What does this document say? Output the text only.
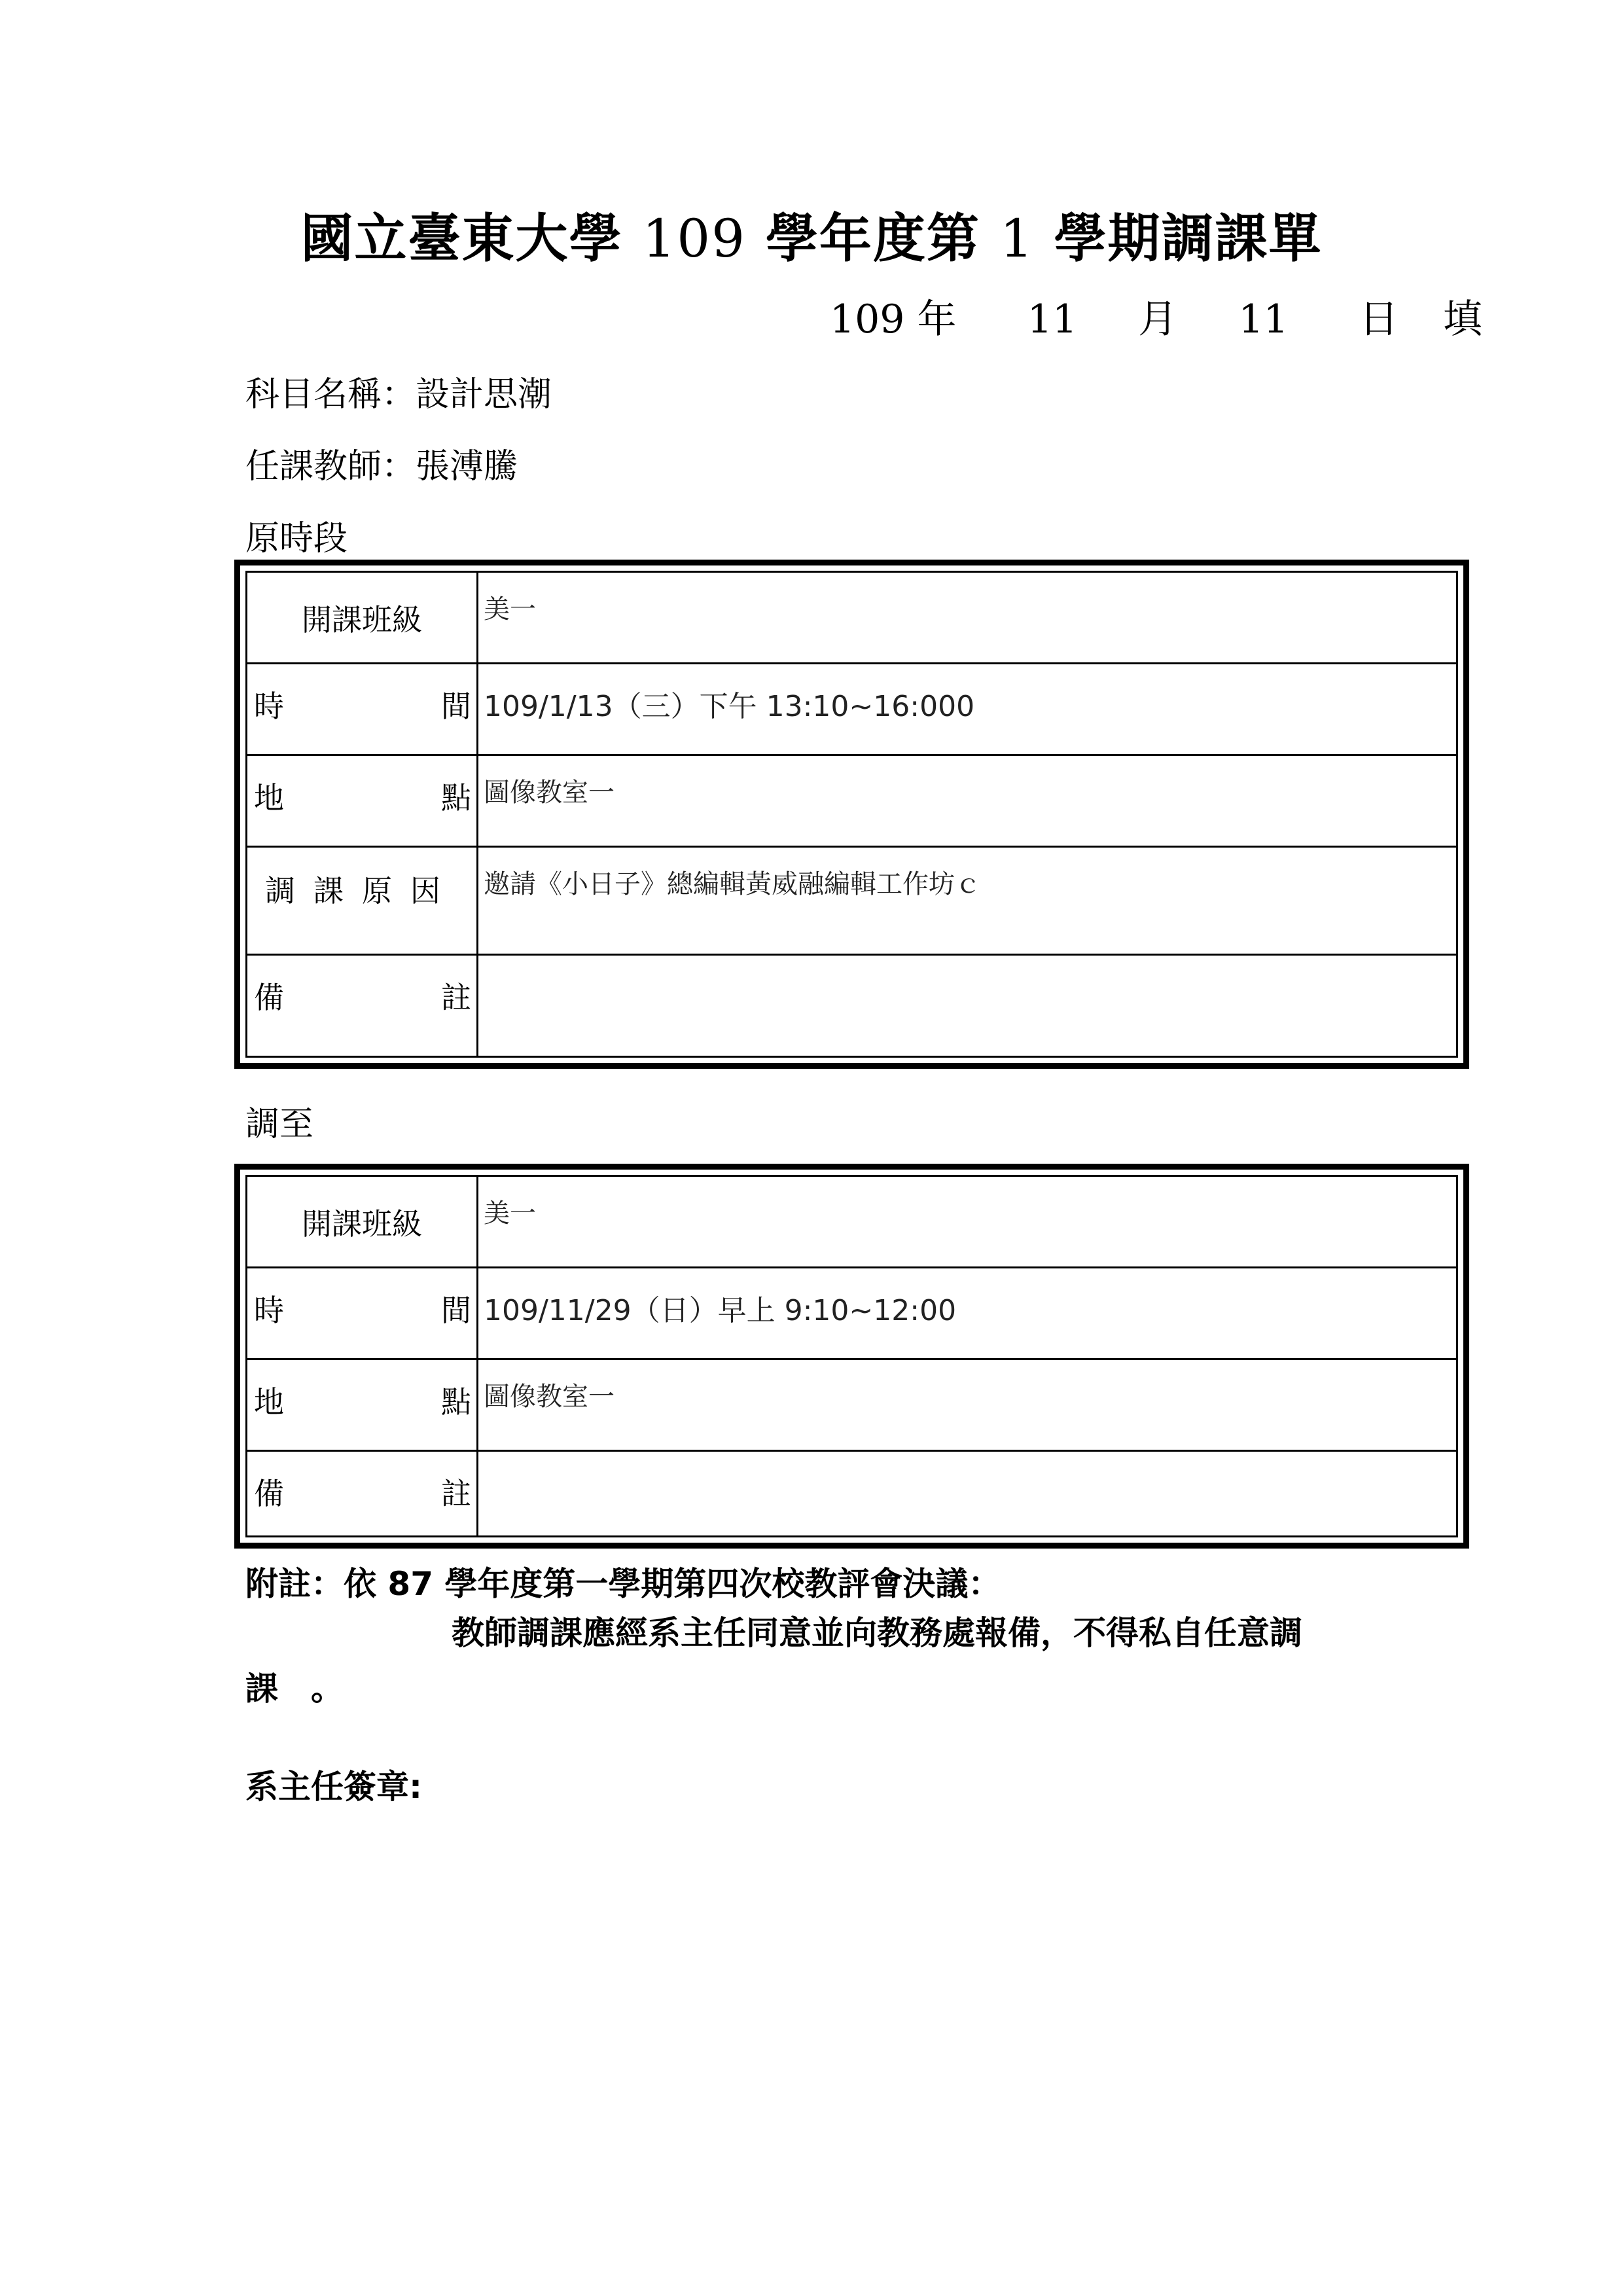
國立臺東大學 109 學年度第 1 學期調課單
109 年 11 月 11 日 填
科目名稱：設計思潮
任課教師：張溥騰
原時段
開課班級	美一

時 間	109/1/13（三）下午 13:10~16:000

地 點	圖像教室一

調課原因	邀請《小日子》總編輯黃威融編輯工作坊ｃ

備 註	

調至
開課班級	美一

時 間	109/11/29（日）早上 9:10~12:00

地 點	圖像教室一

備 註	

附註：依 87 學年度第一學期第四次校教評會決議：
教師調課應經系主任同意並向教務處報備，不得私自任意調
課　。
系主任簽章:
